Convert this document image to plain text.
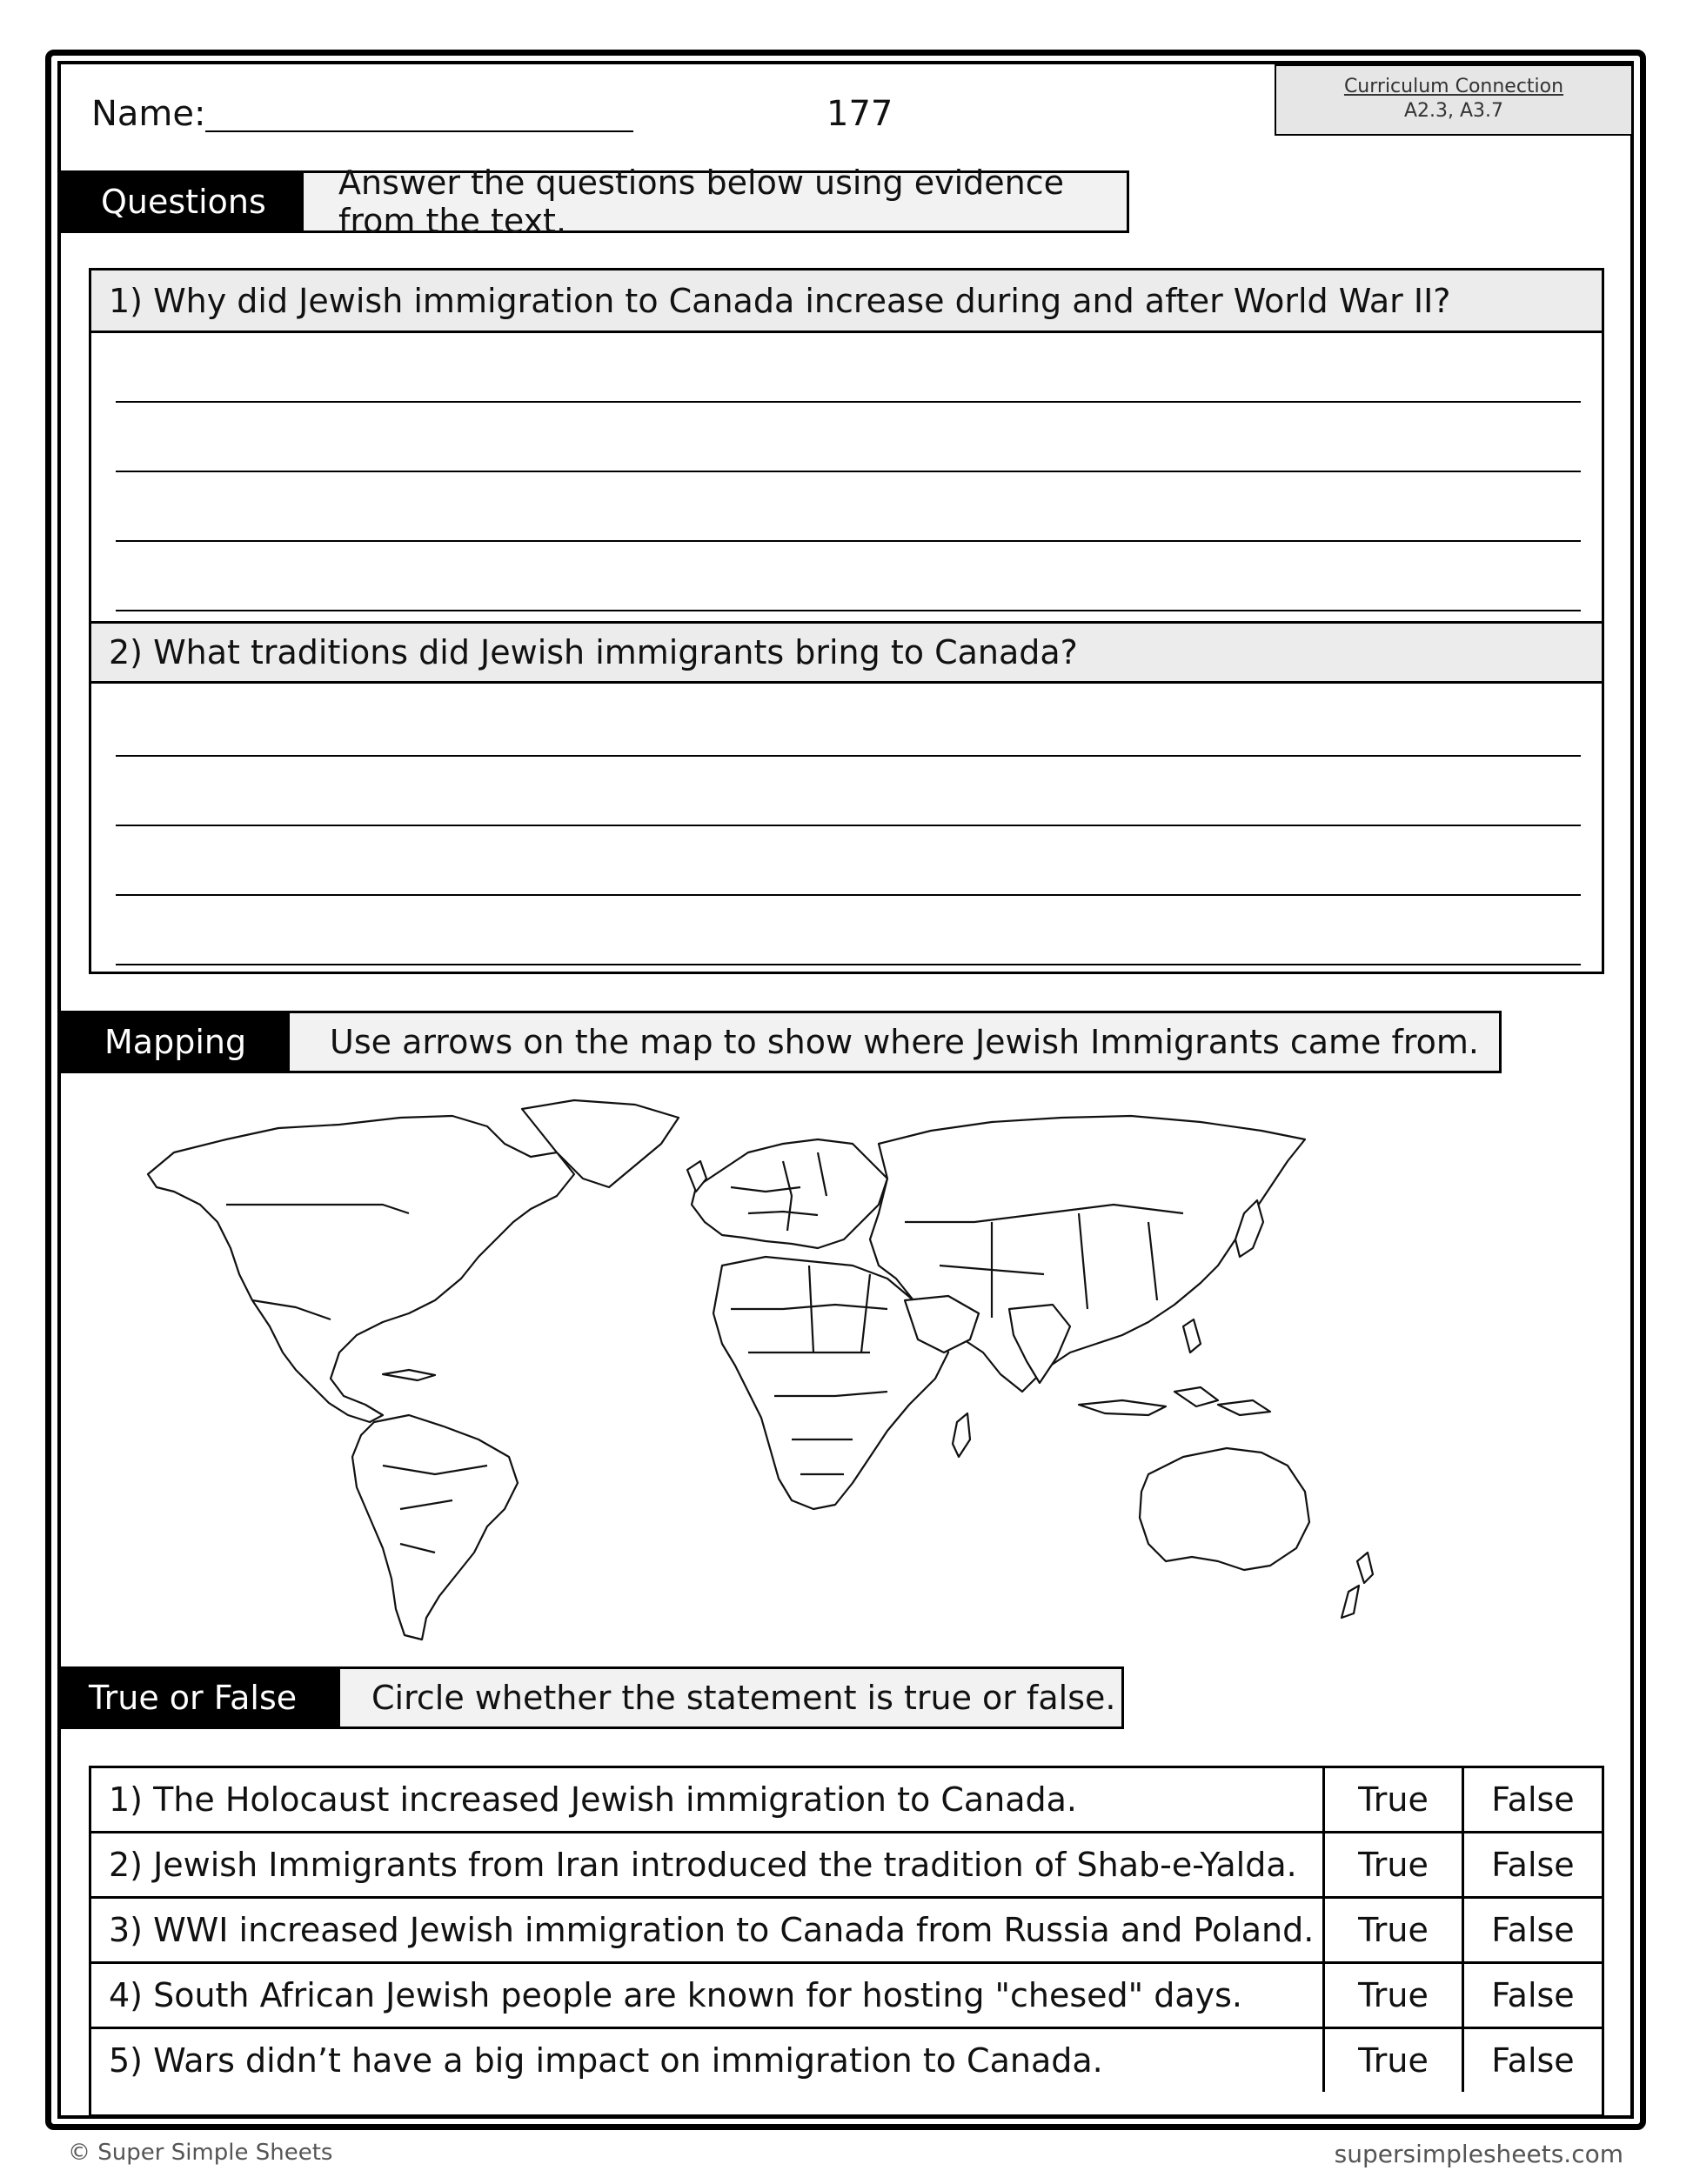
Name:	177
Curriculum Connection
A2.3, A3.7
Questions	Answer the questions below using evidence from the text.
1) Why did Jewish immigration to Canada increase during and after World War II?
2) What traditions did Jewish immigrants bring to Canada?
Mapping	Use arrows on the map to show where Jewish Immigrants came from.
True or False	Circle whether the statement is true or false.
1) The Holocaust increased Jewish immigration to Canada.	True	False
2) Jewish Immigrants from Iran introduced the tradition of Shab-e-Yalda.	True	False
3) WWI increased Jewish immigration to Canada from Russia and Poland.	True	False
4) South African Jewish people are known for hosting "chesed" days.	True	False
5) Wars didn’t have a big impact on immigration to Canada.	True	False
© Super Simple Sheets	supersimplesheets.com
